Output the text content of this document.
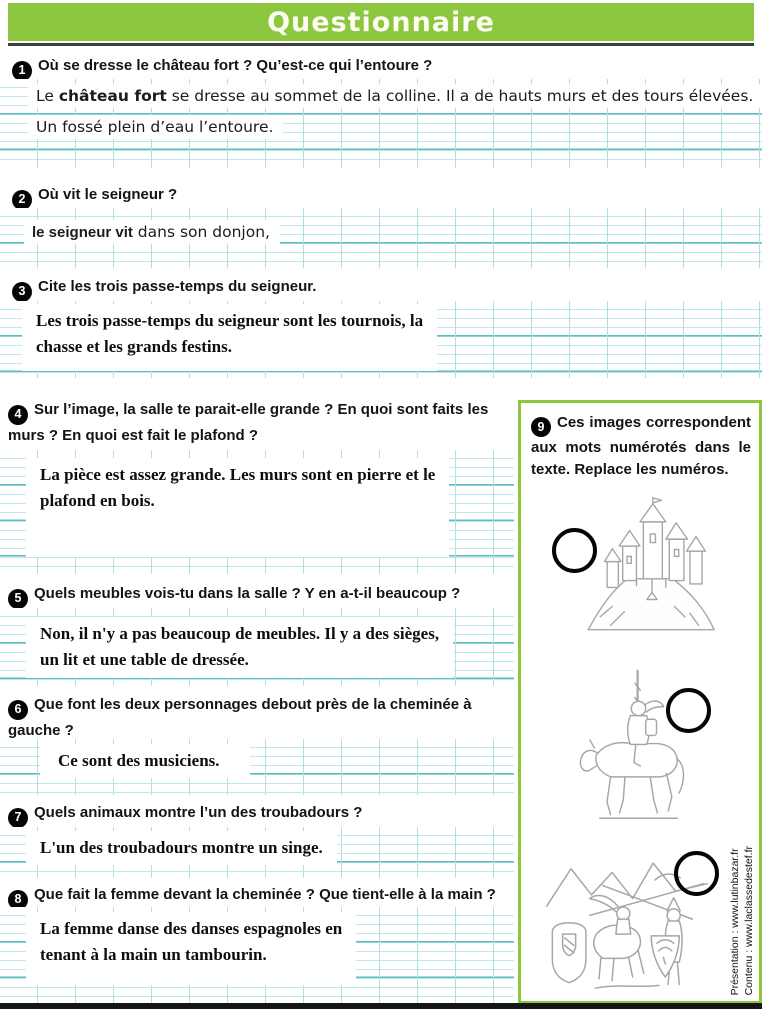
Questionnaire
1 Où se dresse le château fort ? Qu’est-ce qui l’entoure ?
Le château fort se dresse au sommet de la colline. Il a de hauts murs et des tours élevées.
Un fossé plein d’eau l’entoure.
2 Où vit le seigneur ?
le seigneur vit dans son donjon,
3 Cite les trois passe-temps du seigneur.
Les trois passe-temps du seigneur sont les tournois, la
chasse et les grands festins.
4 Sur l’image, la salle te parait-elle grande ? En quoi sont faits les murs ? En quoi est fait le plafond ?
La pièce est assez grande. Les murs sont en pierre et le
plafond en bois.
5 Quels meubles vois-tu dans la salle ? Y en a-t-il beaucoup ?
Non, il n'y a pas beaucoup de meubles. Il y a des sièges,
un lit et une table de dressée.
6 Que font les deux personnages debout près de la cheminée à gauche ?
Ce sont des musiciens.
7 Quels animaux montre l’un des troubadours ?
L'un des troubadours montre un singe.
8 Que fait la femme devant la cheminée ? Que tient-elle à la main ?
La femme danse des danses espagnoles en
tenant à la main un tambourin.
9 Ces images correspondent aux mots numérotés dans le texte. Replace les numéros.
Présentation : www.lutinbazar.fr Contenu : www.laclassedestef.fr
